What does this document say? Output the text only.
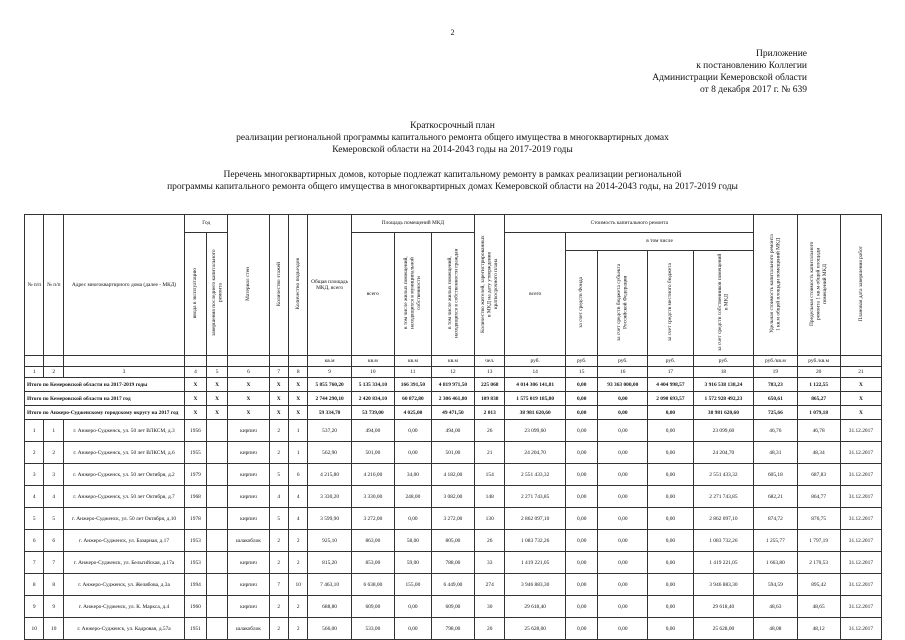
2
Приложение
к постановлению Коллегии
Администрации Кемеровской области
от 8 декабря 2017 г. № 639
Краткосрочный план
реализации региональной программы капитального ремонта общего имущества в многоквартирных домах
Кемеровской области на 2014-2043 годы на 2017-2019 годы
Перечень многоквартирных домов, которые подлежат капитальному ремонту в рамках реализации региональной
программы капитального ремонта общего имущества в многоквартирных домах Кемеровской области на 2014-2043 годы, на 2017-2019 годы
№ п/п	№ п/п	Адрес многоквартирного дома (далее - МКД)	Год		Материал стен	Количество этажей	Количество подъездов	Общая площадь МКД, всего	Площадь помещений МКД			Количество жителей, зарегистрированных в МКД на дату утверждения краткосрочного плана	Стоимость капитального ремонта					Удельная стоимость капитального ремонта 1 кв.м общей площади помещений МКД	Предельная стоимость капитального ремонта 1 кв.м общей площади помещений МКД	Плановая дата завершения работ
			ввода в эксплуатацию	завершения последнего капитального ремонта					всего	в том числе жилых помещений, находящихся в муниципальной собственности	в том числе жилых помещений, находящихся в собственности граждан		всего	в том числе						
														за счет средств Фонда	за счет средств бюджета субъекта Российской Федерации	за счет средств местного бюджета	за счет средств собственников помещений в МКД			
								кв.м	кв.м	кв.м	кв.м	чел.	руб.	руб.	руб.	руб.	руб.	руб./кв.м	руб./кв.м	
1	2	3	4	5	6	7	8	9	10	11	12	13	14	15	16	17	18	19	20	21
Итого по Кемеровской области на 2017-2019 годы			X	X	X	X	X	5 855 760,20	5 135 334,10	166 391,50	4 819 971,50	225 068	4 014 306 141,81	0,00	93 363 000,00	4 404 998,57	3 916 538 138,24	783,23	1 122,55	X
Итого по Кемеровской области на 2017 год			X	X	X	X	X	2 744 290,10	2 420 834,10	60 872,80	2 306 461,80	109 838	1 575 019 185,80	0,00	0,00	2 090 693,57	1 572 928 492,23	650,61	865,27	X
Итого по Анжеро-Судженскому городскому округу на 2017 год			X	X	X	X	X	59 334,70	53 739,00	4 025,00	49 471,50	2 013	38 981 620,60	0,00	0,00	0,00	38 981 620,60	725,66	1 079,18	X
1	1	г. Анжеро-Судженск, ул. 50 лет ВЛКСМ, д.3	1956		кирпич	2	1	537,20	494,00	0,00	494,00	26	23 099,60	0,00	0,00	0,00	23 099,60	46,76	46,78	31.12.2017
2	2	г. Анжеро-Судженск, ул. 50 лет ВЛКСМ, д.6	1955		кирпич	2	1	562,90	501,00	0,00	501,00	21	24 204,70	0,00	0,00	0,00	24 204,70	48,31	48,34	31.12.2017
3	3	г. Анжеро-Судженск, ул. 50 лет Октября, д.2	1979		кирпич	5	6	4 215,80	4 216,00	34,00	4 182,00	154	2 551 433,32	0,00	0,00	0,00	2 551 433,32	605,18	687,83	31.12.2017
4	4	г. Анжеро-Судженск, ул. 50 лет Октября, д.7	1968		кирпич	4	4	3 330,20	3 330,00	248,00	3 082,00	148	2 271 743,85	0,00	0,00	0,00	2 271 743,85	682,21	864,77	31.12.2017
5	5	г. Анжеро-Судженск, ул. 50 лет Октября, д.10	1978		кирпич	5	4	3 599,90	3 272,00	0,00	3 272,00	130	2 862 097,10	0,00	0,00	0,00	2 862 097,10	874,72	876,75	31.12.2017
6	6	г. Анжеро-Судженск, ул. Базарная, д.17	1953		шлакоблок	2	2	925,10	863,00	58,00	805,00	26	1 083 732,26	0,00	0,00	0,00	1 083 732,26	1 255,77	1 797,19	31.12.2017
7	7	г. Анжеро-Судженск, ул. Бельгийская, д.17а	1953		кирпич	2	2	815,20	853,00	59,00	788,00	33	1 419 221,05	0,00	0,00	0,00	1 419 221,05	1 663,80	2 170,53	31.12.2017
8	8	г. Анжеро-Судженск, ул. Желябова, д.3а	1994		кирпич	7	10	7 463,10	6 638,00	155,00	6 449,00	274	3 946 883,30	0,00	0,00	0,00	3 946 883,30	594,59	895,42	31.12.2017
9	9	г. Анжеро-Судженск, ул. К. Маркса, д.4	1960		кирпич	2	2	688,80	609,00	0,00	609,00	30	29 618,40	0,00	0,00	0,00	29 618,40	48,63	48,65	31.12.2017
10	10	г. Анжеро-Судженск, ул. Кадровая, д.57а	1951		шлакоблок	2	2	566,00	533,00	0,00	798,00	20	25 628,00	0,00	0,00	0,00	25 628,00	48,08	48,12	31.12.2017
